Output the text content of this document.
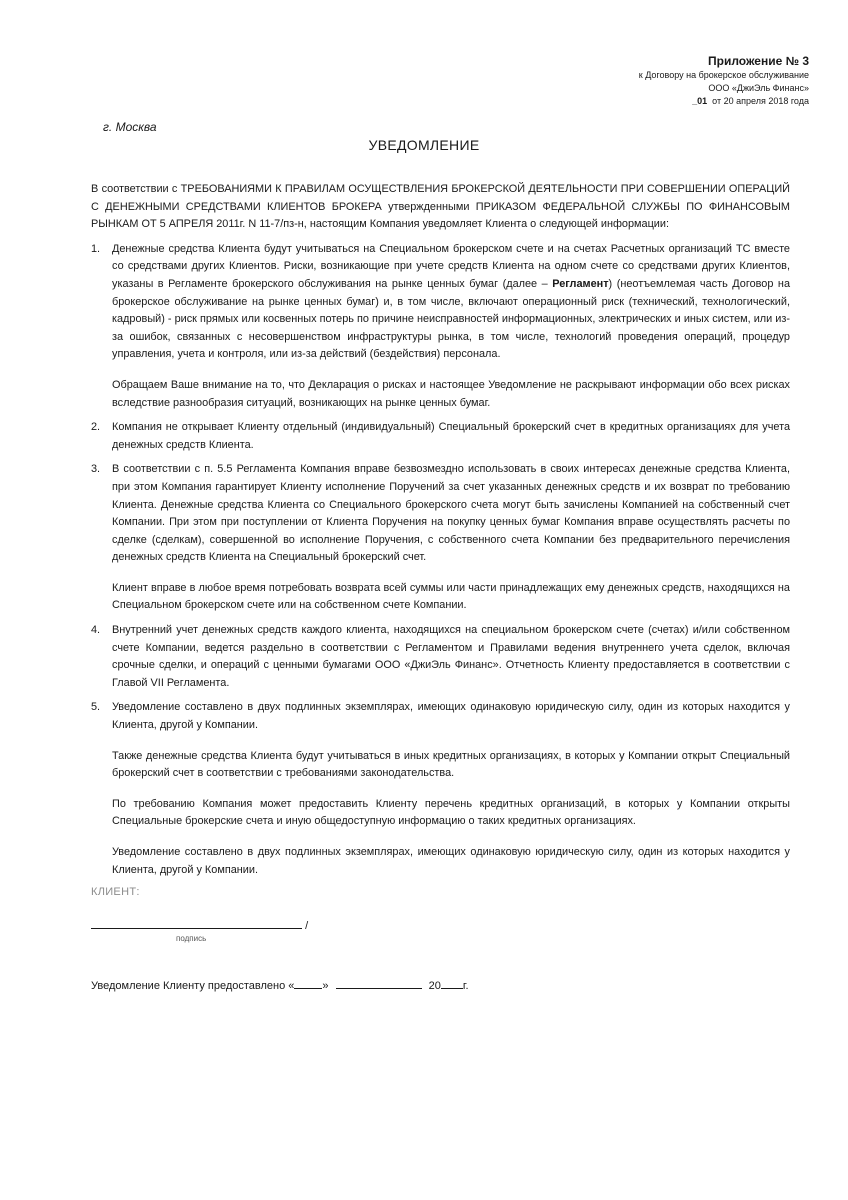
Приложение № 3
к Договору на брокерское обслуживание
ООО «ДжиЭль Финанс»
_01 от 20 апреля 2018 года
г. Москва
УВЕДОМЛЕНИЕ

В соответствии с ТРЕБОВАНИЯМИ К ПРАВИЛАМ ОСУЩЕСТВЛЕНИЯ БРОКЕРСКОЙ ДЕЯТЕЛЬНОСТИ ПРИ СОВЕРШЕНИИ ОПЕРАЦИЙ С ДЕНЕЖНЫМИ СРЕДСТВАМИ КЛИЕНТОВ БРОКЕРА утвержденными ПРИКАЗОМ ФЕДЕРАЛЬНОЙ СЛУЖБЫ ПО ФИНАНСОВЫМ РЫНКАМ ОТ 5 АПРЕЛЯ 2011г. N 11-7/пз-н, настоящим Компания уведомляет Клиента о следующей информации:

1. Денежные средства Клиента будут учитываться на Специальном брокерском счете и на счетах Расчетных организаций ТС вместе со средствами других Клиентов. Риски, возникающие при учете средств Клиента на одном счете со средствами других Клиентов, указаны в Регламенте брокерского обслуживания на рынке ценных бумаг (далее – Регламент) (неотъемлемая часть Договор на брокерское обслуживание на рынке ценных бумаг) и, в том числе, включают операционный риск (технический, технологический, кадровый) - риск прямых или косвенных потерь по причине неисправностей информационных, электрических и иных систем, или из-за ошибок, связанных с несовершенством инфраструктуры рынка, в том числе, технологий проведения операций, процедур управления, учета и контроля, или из-за действий (бездействия) персонала.

Обращаем Ваше внимание на то, что Декларация о рисках и настоящее Уведомление не раскрывают информации обо всех рисках вследствие разнообразия ситуаций, возникающих на рынке ценных бумаг.

2. Компания не открывает Клиенту отдельный (индивидуальный) Специальный брокерский счет в кредитных организациях для учета денежных средств Клиента.

3. В соответствии с п. 5.5 Регламента Компания вправе безвозмездно использовать в своих интересах денежные средства Клиента, при этом Компания гарантирует Клиенту исполнение Поручений за счет указанных денежных средств и их возврат по требованию Клиента. Денежные средства Клиента со Специального брокерского счета могут быть зачислены Компанией на собственный счет Компании. При этом при поступлении от Клиента Поручения на покупку ценных бумаг Компания вправе осуществлять расчеты по сделке (сделкам), совершенной во исполнение Поручения, с собственного счета Компании без предварительного перечисления денежных средств Клиента на Специальный брокерский счет.

Клиент вправе в любое время потребовать возврата всей суммы или части принадлежащих ему денежных средств, находящихся на Специальном брокерском счете или на собственном счете Компании.

4. Внутренний учет денежных средств каждого клиента, находящихся на специальном брокерском счете (счетах) и/или собственном счете Компании, ведется раздельно в соответствии с Регламентом и Правилами ведения внутреннего учета сделок, включая срочные сделки, и операций с ценными бумагами ООО «ДжиЭль Финанс». Отчетность Клиенту предоставляется в соответствии с Главой VII Регламента.

5. Уведомление составлено в двух подлинных экземплярах, имеющих одинаковую юридическую силу, один из которых находится у Клиента, другой у Компании.

Также денежные средства Клиента будут учитываться в иных кредитных организациях, в которых у Компании открыт Специальный брокерский счет в соответствии с требованиями законодательства.

По требованию Компания может предоставить Клиенту перечень кредитных организаций, в которых у Компании открыты Специальные брокерские счета и иную общедоступную информацию о таких кредитных организациях.

Уведомление составлено в двух подлинных экземплярах, имеющих одинаковую юридическую силу, один из которых находится у Клиента, другой у Компании.

КЛИЕНТ:
/
подпись
Уведомление Клиенту предоставлено «	»	20 г.
